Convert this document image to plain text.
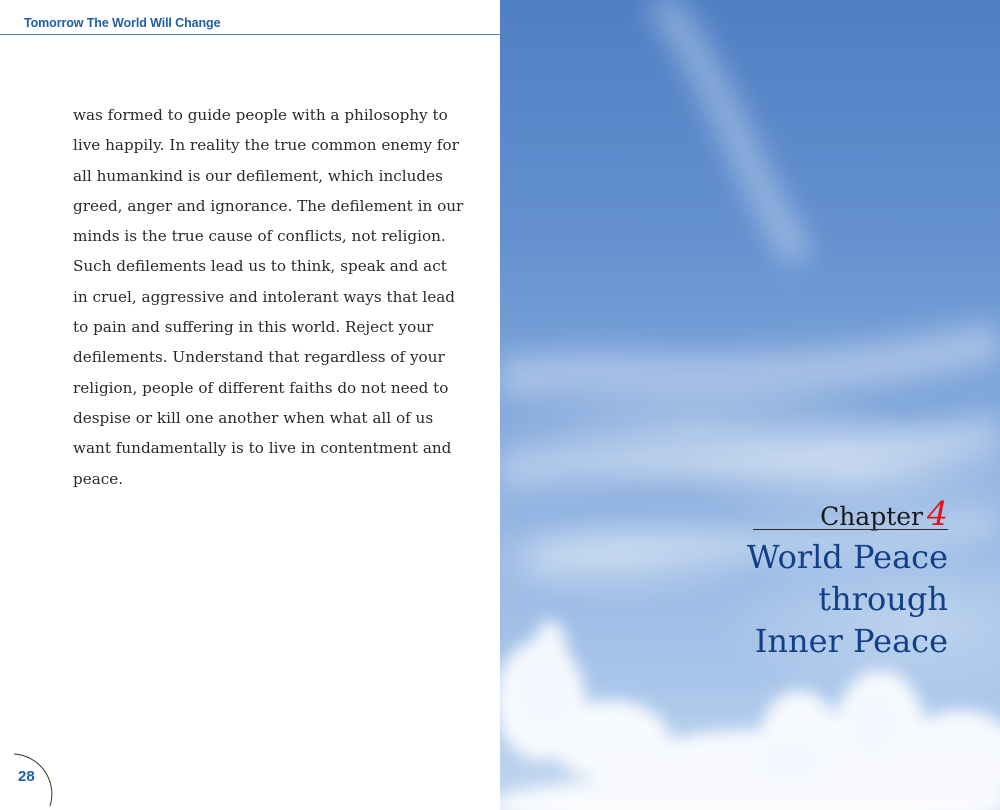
Tomorrow The World Will Change
was formed to guide people with a philosophy to
live happily. In reality the true common enemy for
all humankind is our defilement, which includes
greed, anger and ignorance. The defilement in our
minds is the true cause of conflicts, not religion.
Such defilements lead us to think, speak and act
in cruel, aggressive and intolerant ways that lead
to pain and suffering in this world. Reject your
defilements. Understand that regardless of your
religion, people of different faiths do not need to
despise or kill one another when what all of us
want fundamentally is to live in contentment and
peace.
28
Chapter 4
World Peace
through
Inner Peace
